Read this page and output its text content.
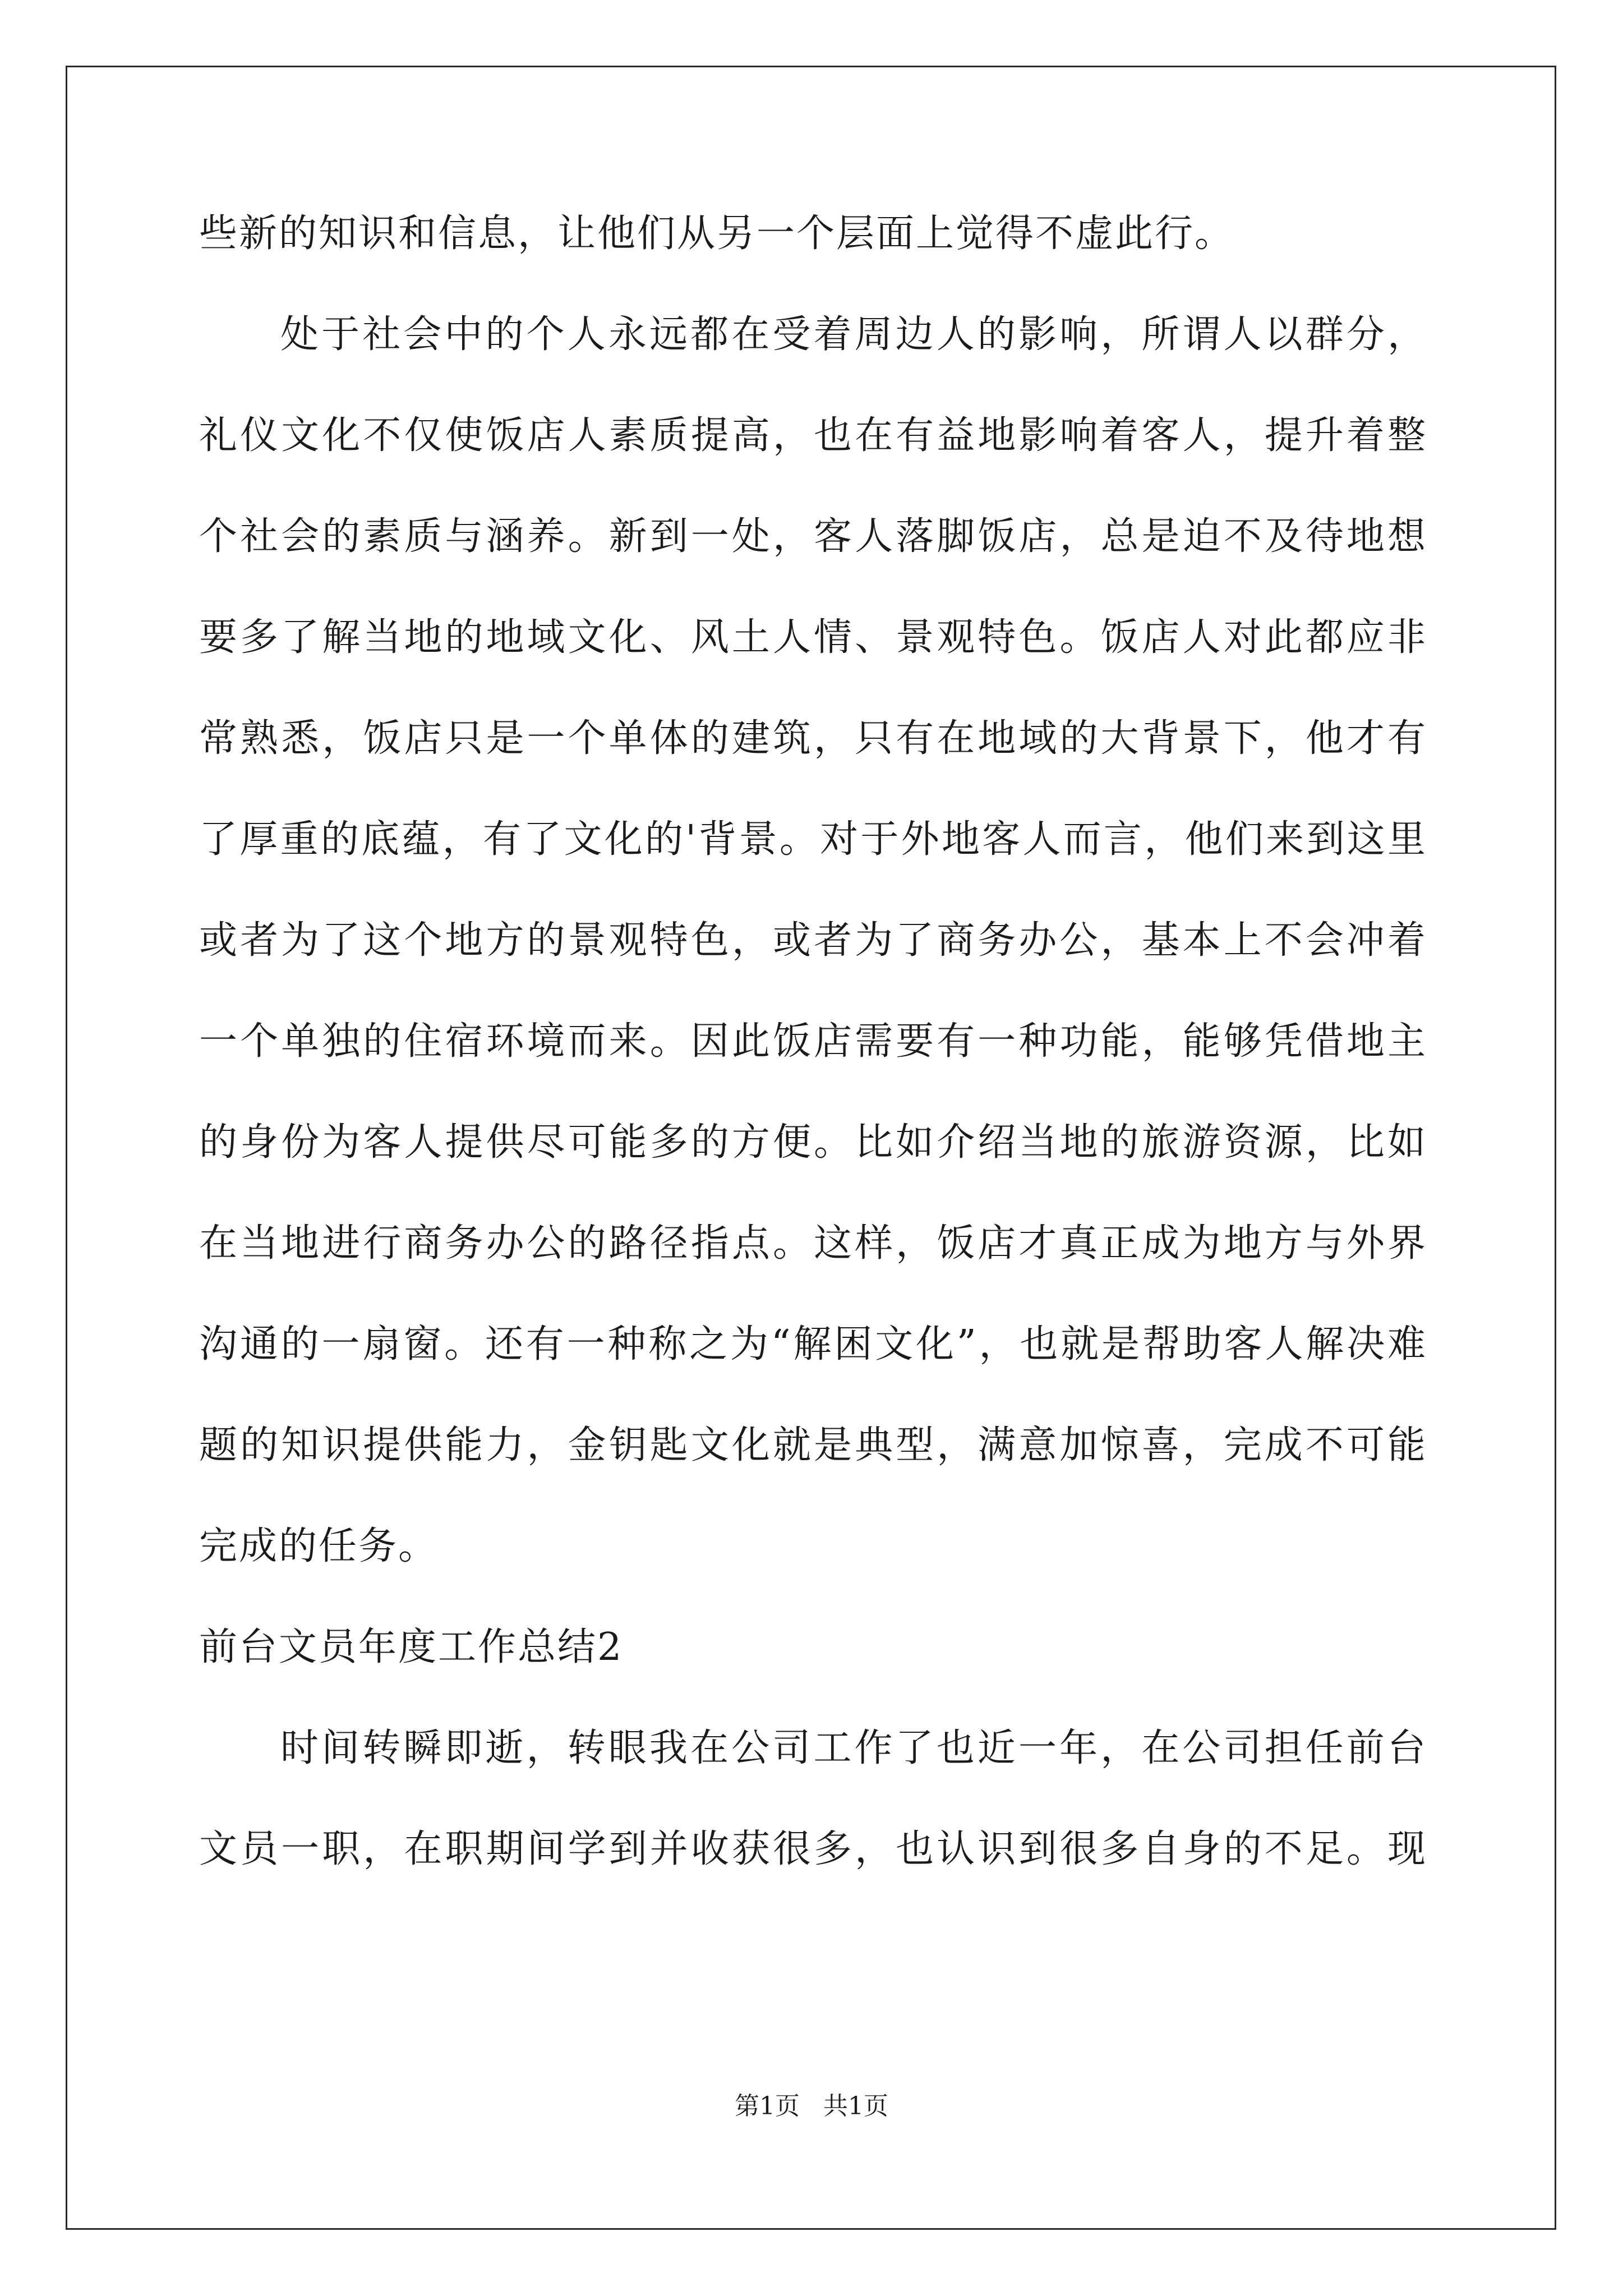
些新的知识和信息，让他们从另一个层面上觉得不虚此行。
处于社会中的个人永远都在受着周边人的影响，所谓人以群分，
礼仪文化不仅使饭店人素质提高，也在有益地影响着客人，提升着整
个社会的素质与涵养。新到一处，客人落脚饭店，总是迫不及待地想
要多了解当地的地域文化、风土人情、景观特色。饭店人对此都应非
常熟悉，饭店只是一个单体的建筑，只有在地域的大背景下，他才有
了厚重的底蕴，有了文化的'背景。对于外地客人而言，他们来到这里
或者为了这个地方的景观特色，或者为了商务办公，基本上不会冲着
一个单独的住宿环境而来。因此饭店需要有一种功能，能够凭借地主
的身份为客人提供尽可能多的方便。比如介绍当地的旅游资源，比如
在当地进行商务办公的路径指点。这样，饭店才真正成为地方与外界
沟通的一扇窗。还有一种称之为“解困文化”，也就是帮助客人解决难
题的知识提供能力，金钥匙文化就是典型，满意加惊喜，完成不可能
完成的任务。
前台文员年度工作总结2
时间转瞬即逝，转眼我在公司工作了也近一年，在公司担任前台
文员一职，在职期间学到并收获很多，也认识到很多自身的不足。现
第1页   共1页
